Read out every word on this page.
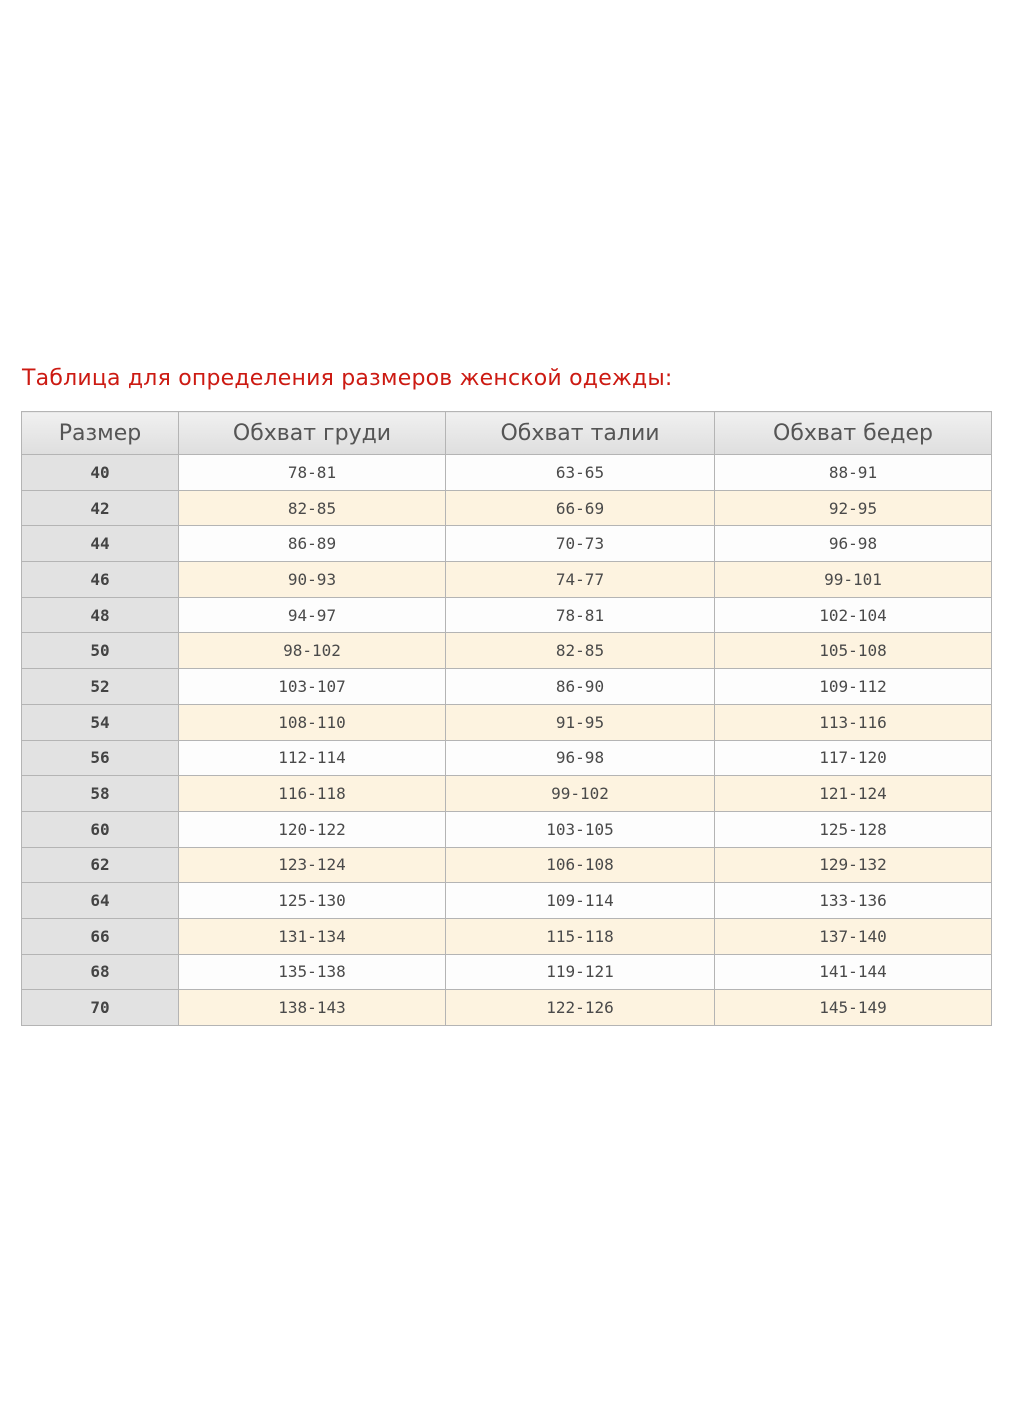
Таблица для определения размеров женской одежды:
Размер	Обхват груди	Обхват талии	Обхват бедер
40	78-81	63-65	88-91
42	82-85	66-69	92-95
44	86-89	70-73	96-98
46	90-93	74-77	99-101
48	94-97	78-81	102-104
50	98-102	82-85	105-108
52	103-107	86-90	109-112
54	108-110	91-95	113-116
56	112-114	96-98	117-120
58	116-118	99-102	121-124
60	120-122	103-105	125-128
62	123-124	106-108	129-132
64	125-130	109-114	133-136
66	131-134	115-118	137-140
68	135-138	119-121	141-144
70	138-143	122-126	145-149
